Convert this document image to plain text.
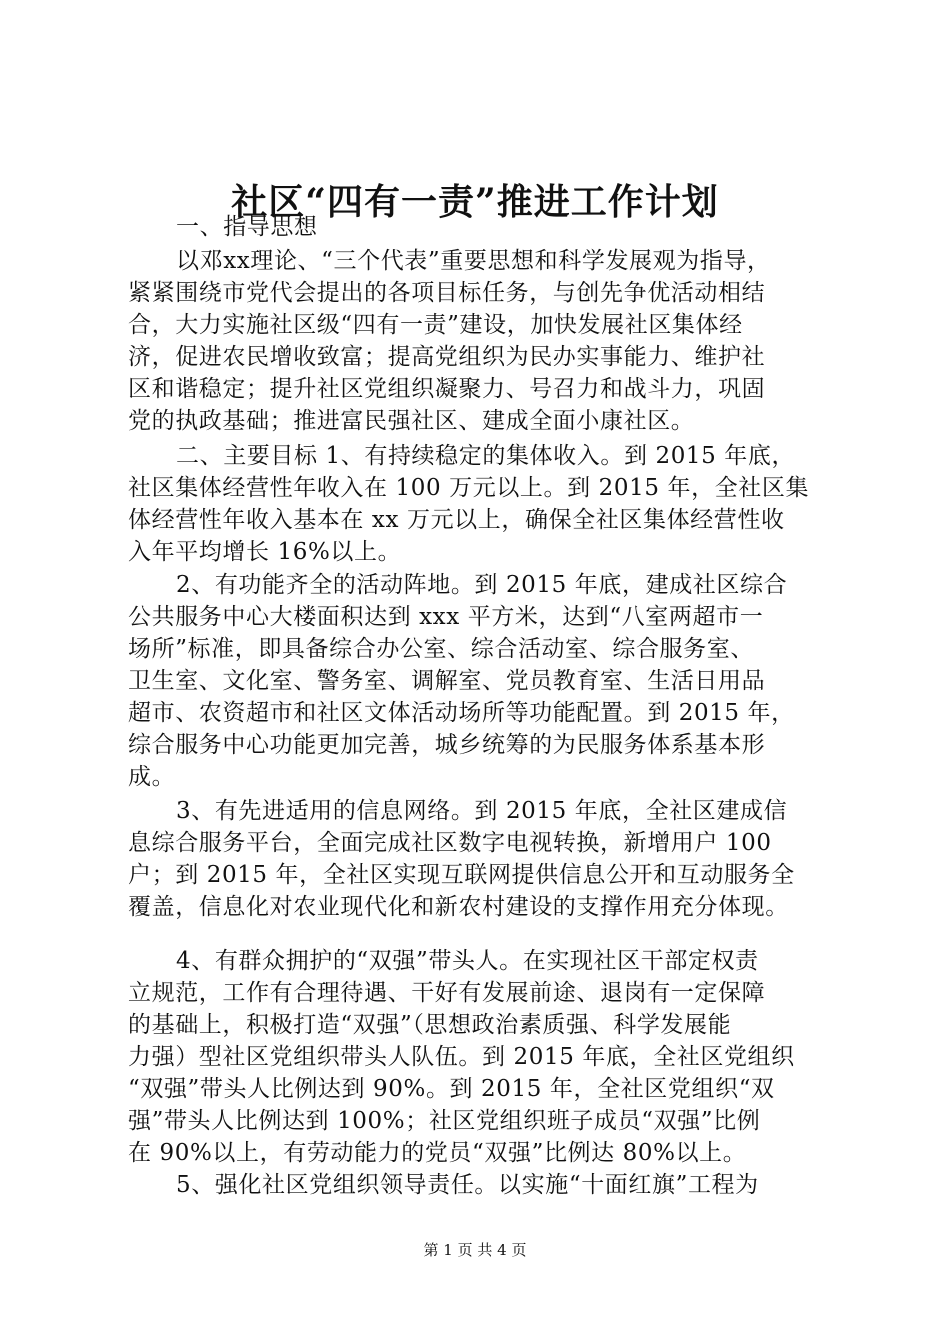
社区“四有一责”推进工作计划

一、指导思想

以邓xx理论、“三个代表”重要思想和科学发展观为指导，

紧紧围绕市党代会提出的各项目标任务，与创先争优活动相结

合，大力实施社区级“四有一责”建设，加快发展社区集体经

济，促进农民增收致富；提高党组织为民办实事能力、维护社

区和谐稳定；提升社区党组织凝聚力、号召力和战斗力，巩固

党的执政基础；推进富民强社区、建成全面小康社区。

二、主要目标 1、有持续稳定的集体收入。到 2015 年底，

社区集体经营性年收入在 100 万元以上。到 2015 年，全社区集

体经营性年收入基本在 xx 万元以上，确保全社区集体经营性收

入年平均增长 16%以上。

2、有功能齐全的活动阵地。到 2015 年底，建成社区综合

公共服务中心大楼面积达到 xxx 平方米，达到“八室两超市一

场所”标准，即具备综合办公室、综合活动室、综合服务室、

卫生室、文化室、警务室、调解室、党员教育室、生活日用品

超市、农资超市和社区文体活动场所等功能配置。到 2015 年，

综合服务中心功能更加完善，城乡统筹的为民服务体系基本形

成。

3、有先进适用的信息网络。到 2015 年底，全社区建成信

息综合服务平台，全面完成社区数字电视转换，新增用户 100

户；到 2015 年，全社区实现互联网提供信息公开和互动服务全

覆盖，信息化对农业现代化和新农村建设的支撑作用充分体现。

4、有群众拥护的“双强”带头人。在实现社区干部定权责

立规范，工作有合理待遇、干好有发展前途、退岗有一定保障

的基础上，积极打造“双强”（思想政治素质强、科学发展能

力强）型社区党组织带头人队伍。到 2015 年底，全社区党组织

“双强”带头人比例达到 90%。到 2015 年，全社区党组织“双

强”带头人比例达到 100%；社区党组织班子成员“双强”比例

在 90%以上，有劳动能力的党员“双强”比例达 80%以上。

5、强化社区党组织领导责任。以实施“十面红旗”工程为

第 1 页 共 4 页
